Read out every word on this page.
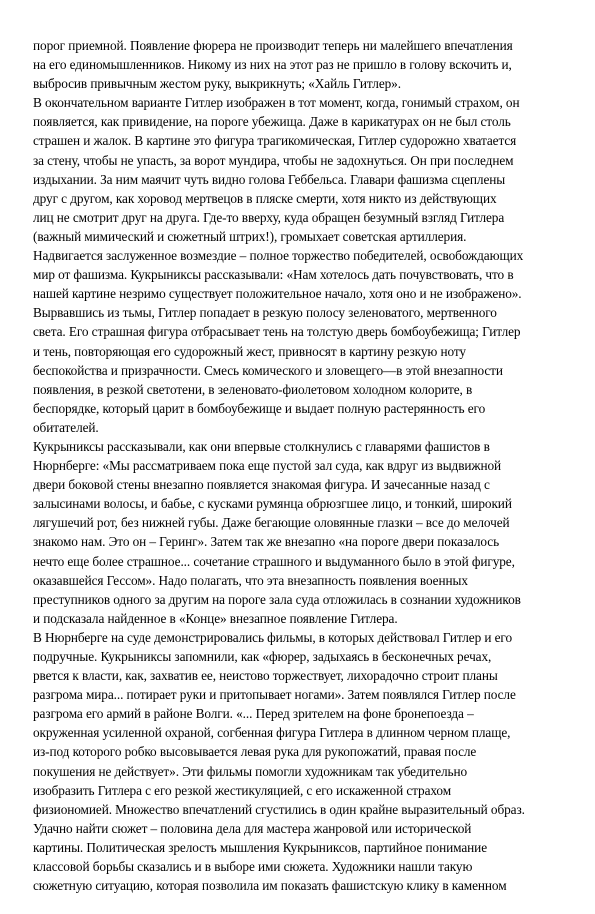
порог приемной. Появление фюрера не производит теперь ни малейшего впечатления
на его единомышленников. Никому из них на этот раз не пришло в голову вскочить и,
выбросив привычным жестом руку, выкрикнуть; «Хайль Гитлер».
В окончательном варианте Гитлер изображен в тот момент, когда, гонимый страхом, он
появляется, как привидение, на пороге убежища. Даже в карикатурах он не был столь
страшен и жалок. В картине это фигура трагикомическая, Гитлер судорожно хватается
за стену, чтобы не упасть, за ворот мундира, чтобы не задохнуться. Он при последнем
издыхании. За ним маячит чуть видно голова Геббельса. Главари фашизма сцеплены
друг с другом, как хоровод мертвецов в пляске смерти, хотя никто из действующих
лиц не смотрит друг на друга. Где-то вверху, куда обращен безумный взгляд Гитлера
(важный мимический и сюжетный штрих!), громыхает советская артиллерия.
Надвигается заслуженное возмездие – полное торжество победителей, освобождающих
мир от фашизма. Кукрыниксы рассказывали: «Нам хотелось дать почувствовать, что в
нашей картине незримо существует положительное начало, хотя оно и не изображено».
Вырвавшись из тьмы, Гитлер попадает в резкую полосу зеленоватого, мертвенного
света. Его страшная фигура отбрасывает тень на толстую дверь бомбоубежища; Гитлер
и тень, повторяющая его судорожный жест, привносят в картину резкую ноту
беспокойства и призрачности. Смесь комического и зловещего—в этой внезапности
появления, в резкой светотени, в зеленовато-фиолетовом холодном колорите, в
беспорядке, который царит в бомбоубежище и выдает полную растерянность его
обитателей.
Кукрыниксы рассказывали, как они впервые столкнулись с главарями фашистов в
Нюрнберге: «Мы рассматриваем пока еще пустой зал суда, как вдруг из выдвижной
двери боковой стены внезапно появляется знакомая фигура. И зачесанные назад с
залысинами волосы, и бабье, с кусками румянца обрюзгшее лицо, и тонкий, широкий
лягушечий рот, без нижней губы. Даже бегающие оловянные глазки – все до мелочей
знакомо нам. Это он – Геринг». Затем так же внезапно «на пороге двери показалось
нечто еще более страшное... сочетание страшного и выдуманного было в этой фигуре,
оказавшейся Гессом». Надо полагать, что эта внезапность появления военных
преступников одного за другим на пороге зала суда отложилась в сознании художников
и подсказала найденное в «Конце» внезапное появление Гитлера.
В Нюрнберге на суде демонстрировались фильмы, в которых действовал Гитлер и его
подручные. Кукрыниксы запомнили, как «фюрер, задыхаясь в бесконечных речах,
рвется к власти, как, захватив ее, неистово торжествует, лихорадочно строит планы
разгрома мира... потирает руки и притопывает ногами». Затем появлялся Гитлер после
разгрома его армий в районе Волги. «... Перед зрителем на фоне бронепоезда –
окруженная усиленной охраной, согбенная фигура Гитлера в длинном черном плаще,
из-под которого робко высовывается левая рука для рукопожатий, правая после
покушения не действует». Эти фильмы помогли художникам так убедительно
изобразить Гитлера с его резкой жестикуляцией, с его искаженной страхом
физиономией. Множество впечатлений сгустились в один крайне выразительный образ.
Удачно найти сюжет – половина дела для мастера жанровой или исторической
картины. Политическая зрелость мышления Кукрыниксов, партийное понимание
классовой борьбы сказались и в выборе ими сюжета. Художники нашли такую
сюжетную ситуацию, которая позволила им показать фашистскую клику в каменном
